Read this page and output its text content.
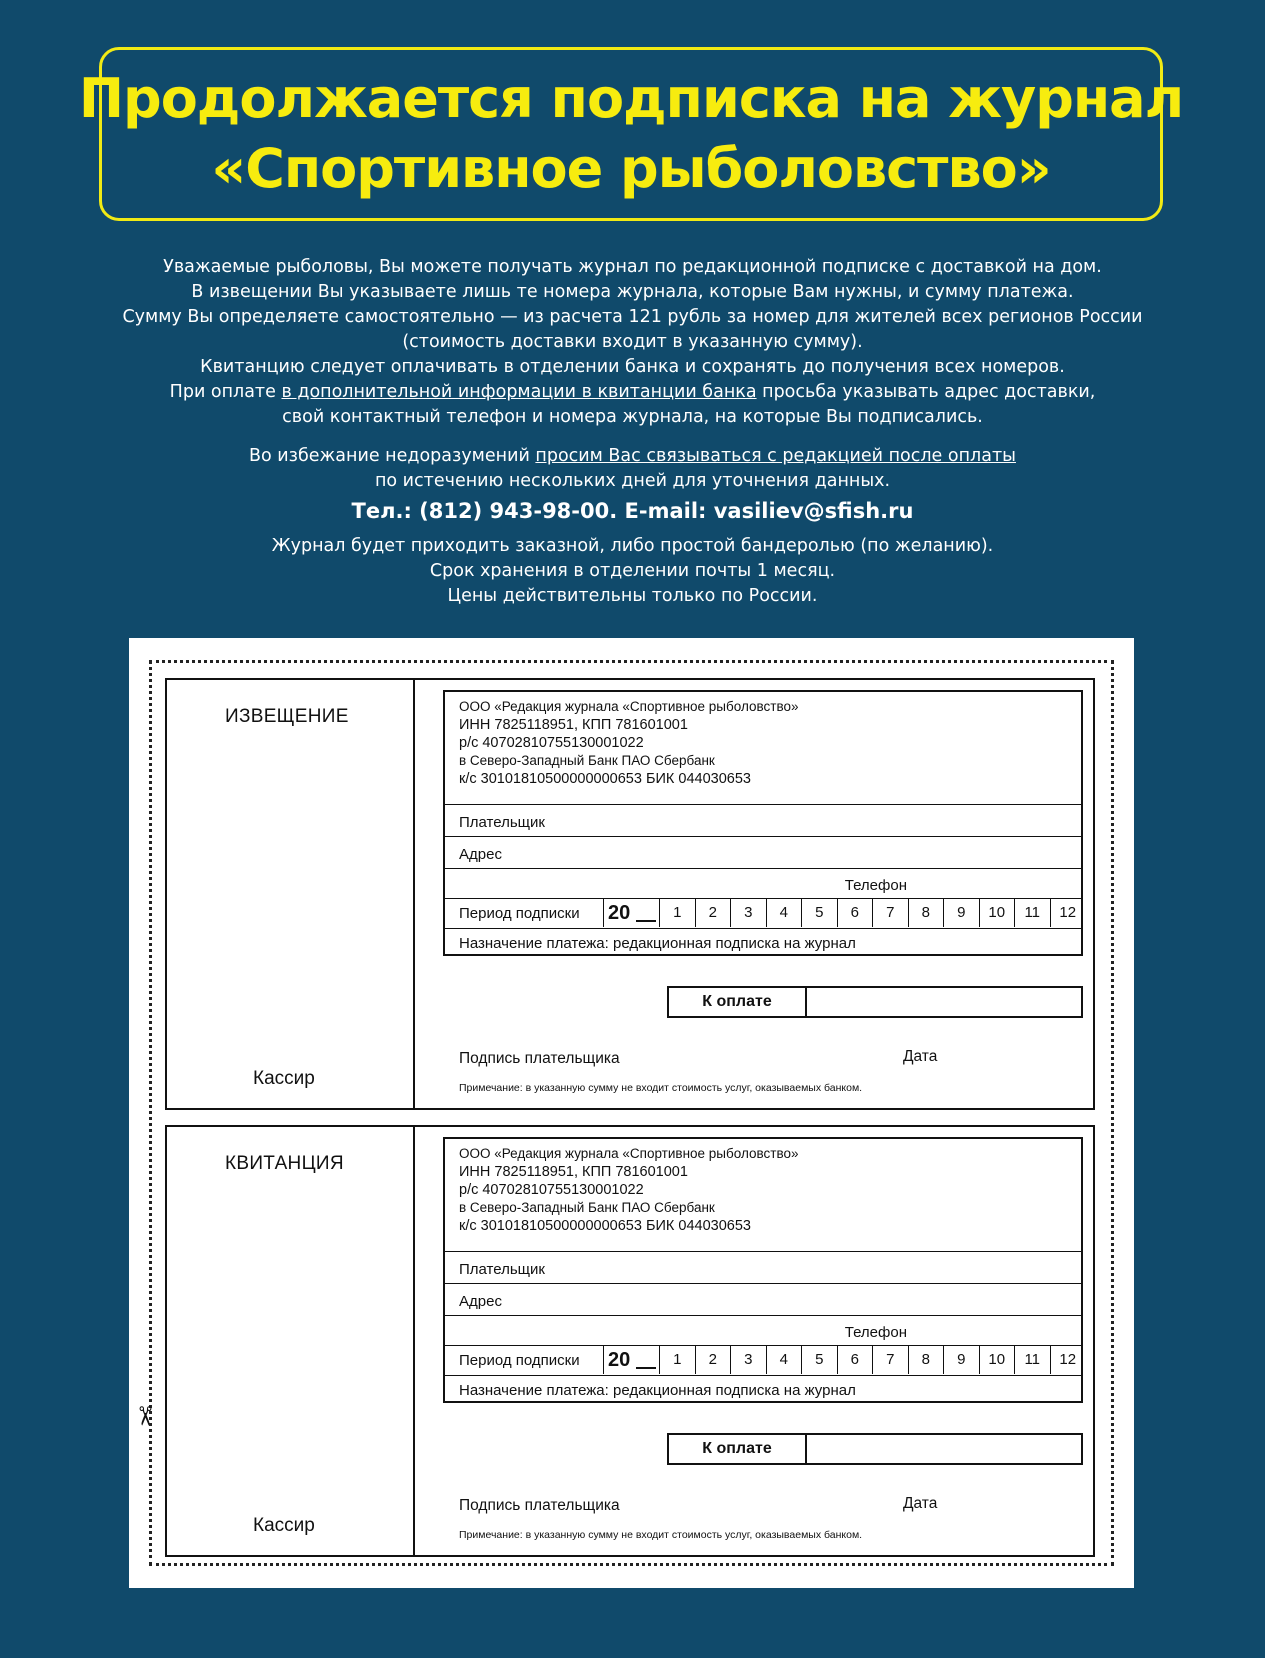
Продолжается подписка на журнал
«Спортивное рыболовство»

Уважаемые рыболовы, Вы можете получать журнал по редакционной подписке с доставкой на дом.

В извещении Вы указываете лишь те номера журнала, которые Вам нужны, и сумму платежа.

Сумму Вы определяете самостоятельно — из расчета 121 рубль за номер для жителей всех регионов России

(стоимость доставки входит в указанную сумму).

Квитанцию следует оплачивать в отделении банка и сохранять до получения всех номеров.

При оплате в дополнительной информации в квитанции банка просьба указывать адрес доставки,

свой контактный телефон и номера журнала, на которые Вы подписались.

Во избежание недоразумений просим Вас связываться с редакцией после оплаты

по истечению нескольких дней для уточнения данных.

Тел.: (812) 943-98-00. E-mail: vasiliev@sfish.ru

Журнал будет приходить заказной, либо простой бандеролью (по желанию).

Срок хранения в отделении почты 1 месяц.

Цены действительны только по России.

✂
ИЗВЕЩЕНИЕ
Кассир
ООО «Редакция журнала «Спортивное рыболовство»
ИНН 7825118951, КПП 781601001
р/с 40702810755130001022
в Северо-Западный Банк ПАО Сбербанк
к/с 30101810500000000653 БИК 044030653
Плательщик
Адрес
Телефон
Период подписки 20	1	2	3	4	5	6	7	8	9	10	11	12
Назначение платежа: редакционная подписка на журнал
К оплате
Подпись плательщика	Дата
Примечание: в указанную сумму не входит стоимость услуг, оказываемых банком.
КВИТАНЦИЯ
Кассир
ООО «Редакция журнала «Спортивное рыболовство»
ИНН 7825118951, КПП 781601001
р/с 40702810755130001022
в Северо-Западный Банк ПАО Сбербанк
к/с 30101810500000000653 БИК 044030653
Плательщик
Адрес
Телефон
Период подписки 20	1	2	3	4	5	6	7	8	9	10	11	12
Назначение платежа: редакционная подписка на журнал
К оплате
Подпись плательщика	Дата
Примечание: в указанную сумму не входит стоимость услуг, оказываемых банком.
